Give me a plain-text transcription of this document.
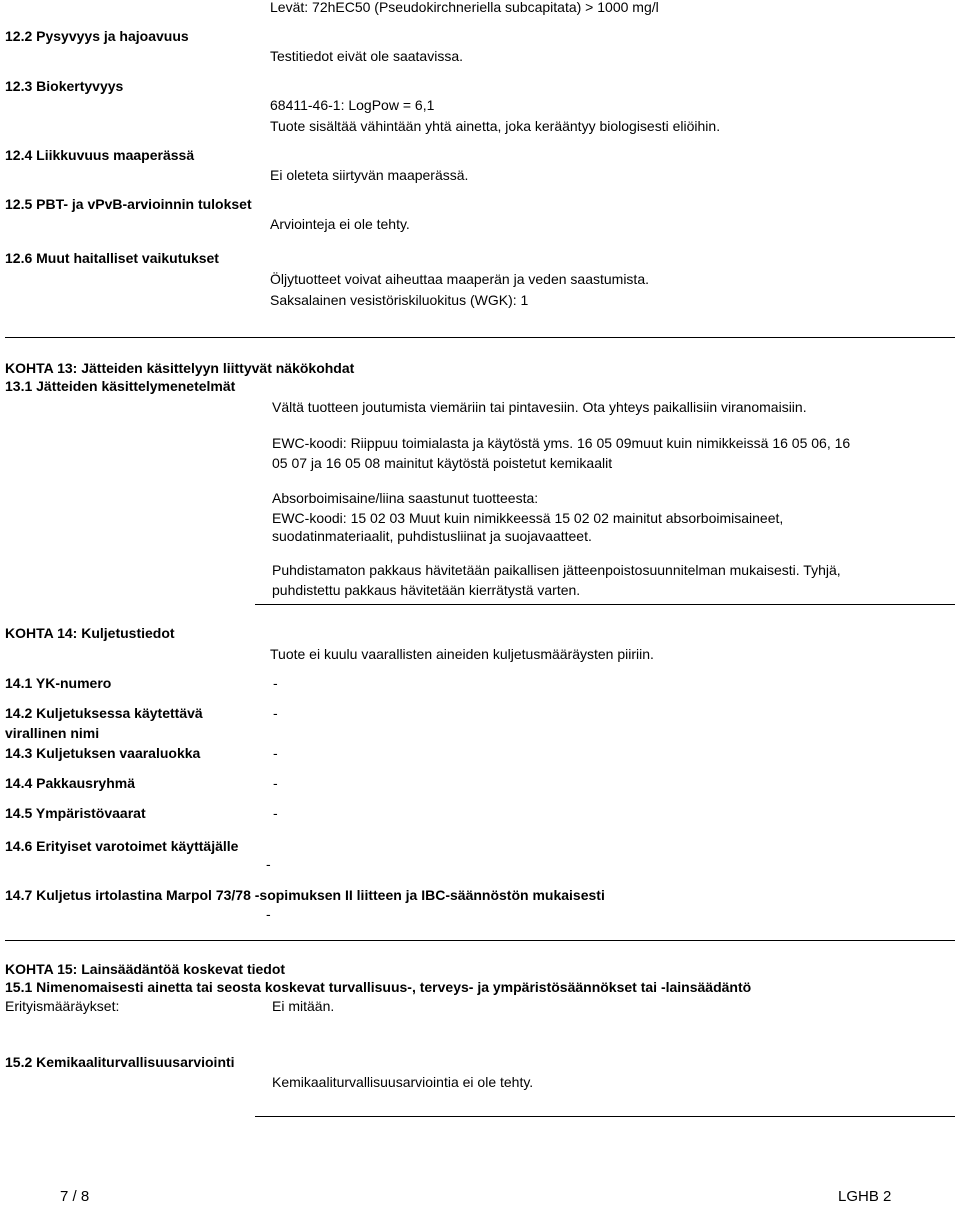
Levät: 72hEC50 (Pseudokirchneriella subcapitata) > 1000 mg/l
12.2 Pysyvyys ja hajoavuus
Testitiedot eivät ole saatavissa.
12.3 Biokertyvyys
68411-46-1: LogPow = 6,1
Tuote sisältää vähintään yhtä ainetta, joka kerääntyy biologisesti eliöihin.
12.4 Liikkuvuus maaperässä
Ei oleteta siirtyvän maaperässä.
12.5 PBT- ja vPvB-arvioinnin tulokset
Arviointeja ei ole tehty.
12.6 Muut haitalliset vaikutukset
Öljytuotteet voivat aiheuttaa maaperän ja veden saastumista.
Saksalainen vesistöriskiluokitus (WGK): 1
KOHTA 13: Jätteiden käsittelyyn liittyvät näkökohdat
13.1 Jätteiden käsittelymenetelmät
Vältä tuotteen joutumista viemäriin tai pintavesiin. Ota yhteys paikallisiin viranomaisiin.
EWC-koodi: Riippuu toimialasta ja käytöstä yms. 16 05 09muut kuin nimikkeissä 16 05 06, 16
05 07 ja 16 05 08 mainitut käytöstä poistetut kemikaalit
Absorboimisaine/liina saastunut tuotteesta:
EWC-koodi: 15 02 03 Muut kuin nimikkeessä 15 02 02 mainitut absorboimisaineet,
suodatinmateriaalit, puhdistusliinat ja suojavaatteet.
Puhdistamaton pakkaus hävitetään paikallisen jätteenpoistosuunnitelman mukaisesti. Tyhjä,
puhdistettu pakkaus hävitetään kierrätystä varten.
KOHTA 14: Kuljetustiedot
Tuote ei kuulu vaarallisten aineiden kuljetusmääräysten piiriin.
14.1 YK-numero	-
14.2 Kuljetuksessa käytettävä
virallinen nimi
-
14.3 Kuljetuksen vaaraluokka	-
14.4 Pakkausryhmä	-
14.5 Ympäristövaarat	-
14.6 Erityiset varotoimet käyttäjälle
-
14.7 Kuljetus irtolastina Marpol 73/78 -sopimuksen II liitteen ja IBC-säännöstön mukaisesti
-
KOHTA 15: Lainsäädäntöä koskevat tiedot
15.1 Nimenomaisesti ainetta tai seosta koskevat turvallisuus-, terveys- ja ympäristösäännökset tai -lainsäädäntö
Erityismääräykset:	Ei mitään.
15.2 Kemikaaliturvallisuusarviointi
Kemikaaliturvallisuusarviointia ei ole tehty.
7 / 8	LGHB 2
